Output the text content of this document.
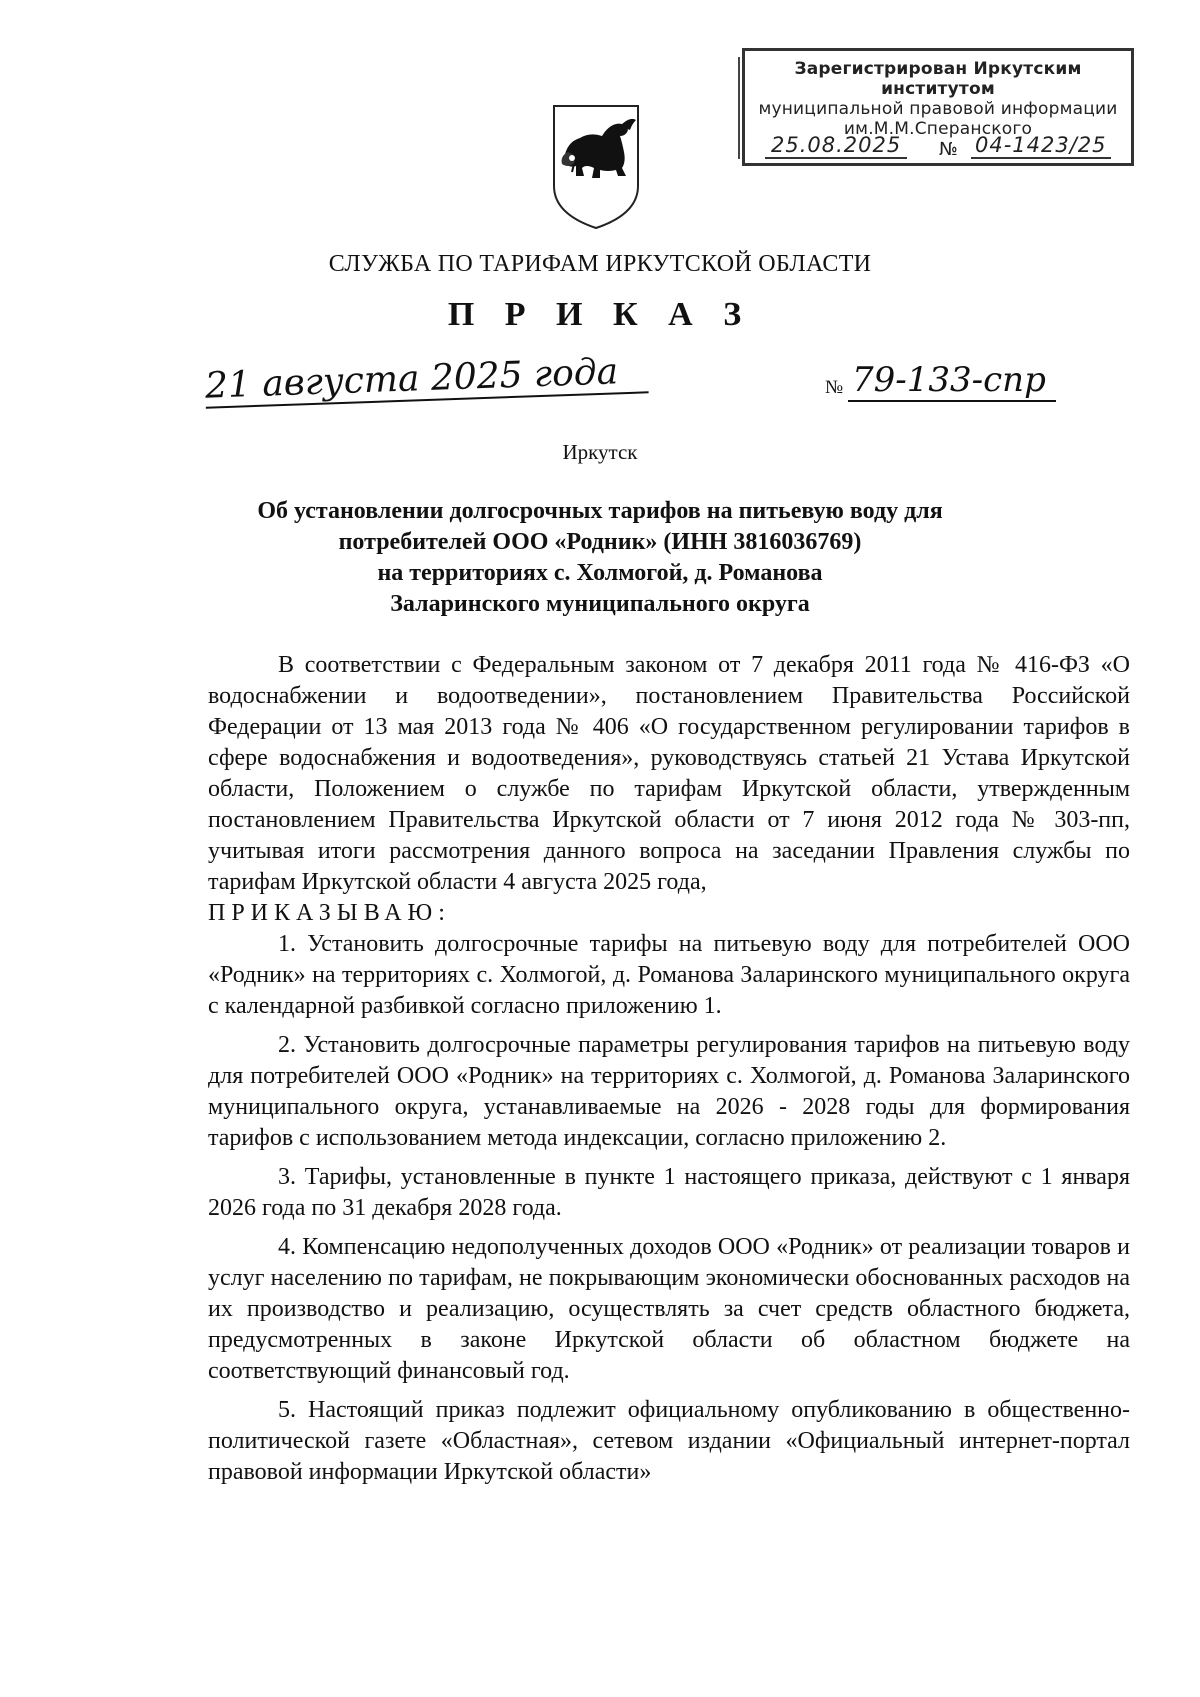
Зарегистрирован Иркутским институтом
муниципальной правовой информации
им.М.М.Сперанского
25.08.2025	№ 04-1423/25
СЛУЖБА ПО ТАРИФАМ ИРКУТСКОЙ ОБЛАСТИ
П Р И К А З
21 августа 2025 года	№ 79-133-спр
Иркутск
Об установлении долгосрочных тарифов на питьевую воду для
потребителей ООО «Родник» (ИНН 3816036769)
на территориях с. Холмогой, д. Романова
Заларинского муниципального округа

В соответствии с Федеральным законом от 7 декабря 2011 года № 416-ФЗ «О водоснабжении и водоотведении», постановлением Правительства Российской Федерации от 13 мая 2013 года № 406 «О государственном регулировании тарифов в сфере водоснабжения и водоотведения», руководствуясь статьей 21 Устава Иркутской области, Положением о службе по тарифам Иркутской области, утвержденным постановлением Правительства Иркутской области от 7 июня 2012 года № 303-пп, учитывая итоги рассмотрения данного вопроса на заседании Правления службы по тарифам Иркутской области 4 августа 2025 года,

ПРИКАЗЫВАЮ:

1. Установить долгосрочные тарифы на питьевую воду для потребителей ООО «Родник» на территориях с. Холмогой, д. Романова Заларинского муниципального округа с календарной разбивкой согласно приложению 1.

2. Установить долгосрочные параметры регулирования тарифов на питьевую воду для потребителей ООО «Родник» на территориях с. Холмогой, д. Романова Заларинского муниципального округа, устанавливаемые на 2026 - 2028 годы для формирования тарифов с использованием метода индексации, согласно приложению 2.

3. Тарифы, установленные в пункте 1 настоящего приказа, действуют с 1 января 2026 года по 31 декабря 2028 года.

4. Компенсацию недополученных доходов ООО «Родник» от реализации товаров и услуг населению по тарифам, не покрывающим экономически обоснованных расходов на их производство и реализацию, осуществлять за счет средств областного бюджета, предусмотренных в законе Иркутской области об областном бюджете на соответствующий финансовый год.

5. Настоящий приказ подлежит официальному опубликованию в общественно-политической газете «Областная», сетевом издании «Официальный интернет-портал правовой информации Иркутской области»
